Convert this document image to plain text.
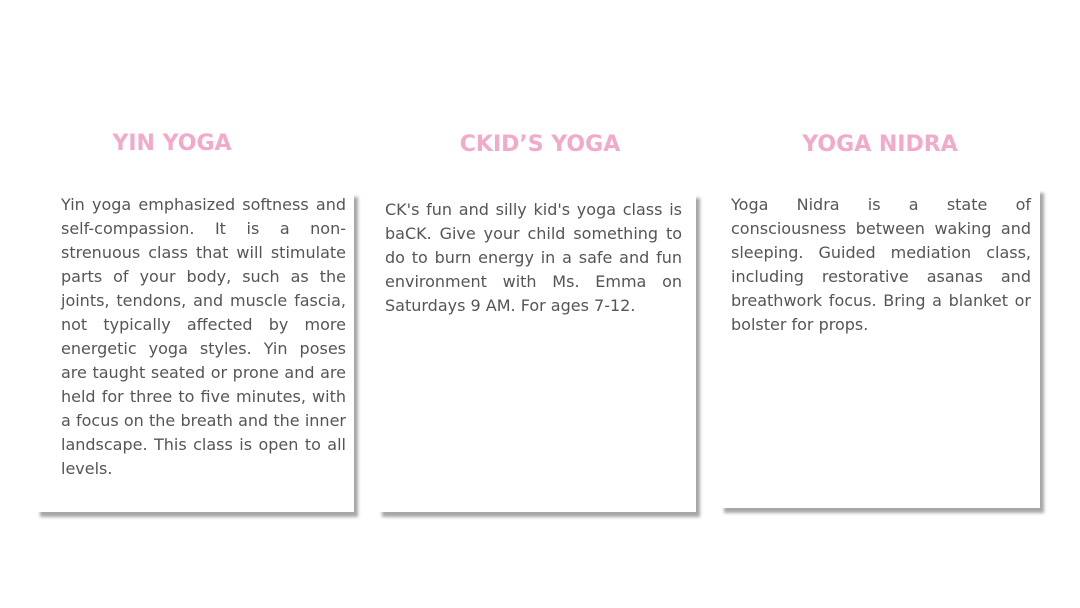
YIN YOGA

Yin yoga emphasized softness and self-compassion. It is a non-strenuous class that will stimulate parts of your body, such as the joints, tendons, and muscle fascia, not typically affected by more energetic yoga styles. Yin poses are taught seated or prone and are held for three to five minutes, with a focus on the breath and the inner landscape. This class is open to all levels.

CKID’S YOGA

CK's fun and silly kid's yoga class is baCK. Give your child something to do to burn energy in a safe and fun environment with Ms. Emma on Saturdays 9 AM. For ages 7-12.

YOGA NIDRA

Yoga Nidra is a state of consciousness between waking and sleeping. Guided mediation class, including restorative asanas and breathwork focus. Bring a blanket or bolster for props.
